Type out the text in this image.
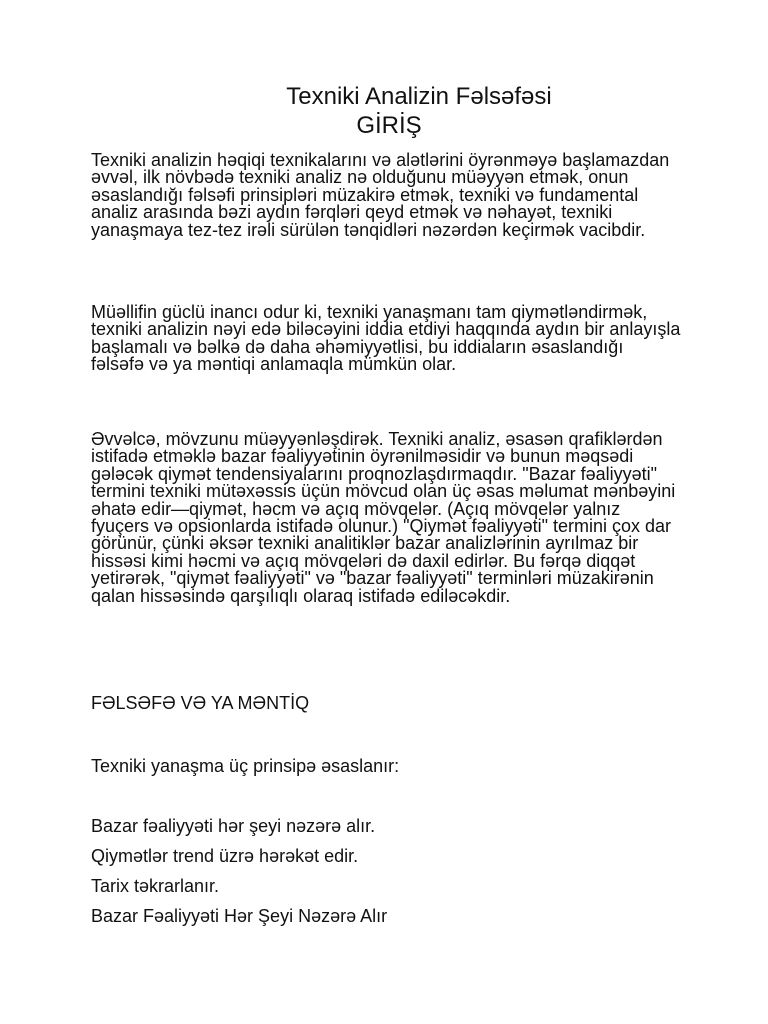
Texniki Analizin Fəlsəfəsi
GİRİŞ

Texniki analizin həqiqi texnikalarını və alətlərini öyrənməyə başlamazdan əvvəl, ilk növbədə texniki analiz nə olduğunu müəyyən etmək, onun əsaslandığı fəlsəfi prinsipləri müzakirə etmək, texniki və fundamental analiz arasında bəzi aydın fərqləri qeyd etmək və nəhayət, texniki yanaşmaya tez-tez irəli sürülən tənqidləri nəzərdən keçirmək vacibdir.

Müəllifin güclü inancı odur ki, texniki yanaşmanı tam qiymətləndirmək, texniki analizin nəyi edə biləcəyini iddia etdiyi haqqında aydın bir anlayışla başlamalı və bəlkə də daha əhəmiyyətlisi, bu iddiaların əsaslandığı fəlsəfə və ya məntiqi anlamaqla mümkün olar.

Əvvəlcə, mövzunu müəyyənləşdirək. Texniki analiz, əsasən qrafiklərdən istifadə etməklə bazar fəaliyyətinin öyrənilməsidir və bunun məqsədi gələcək qiymət tendensiyalarını proqnozlaşdırmaqdır. "Bazar fəaliyyəti" termini texniki mütəxəssis üçün mövcud olan üç əsas məlumat mənbəyini əhatə edir—qiymət, həcm və açıq mövqelər. (Açıq mövqelər yalnız fyuçers və opsionlarda istifadə olunur.) "Qiymət fəaliyyəti" termini çox dar görünür, çünki əksər texniki analitiklər bazar analizlərinin ayrılmaz bir hissəsi kimi həcmi və açıq mövqeləri də daxil edirlər. Bu fərqə diqqət yetirərək, "qiymət fəaliyyəti" və "bazar fəaliyyəti" terminləri müzakirənin qalan hissəsində qarşılıqlı olaraq istifadə ediləcəkdir.

FƏLSƏFƏ VƏ YA MƏNTİQ

Texniki yanaşma üç prinsipə əsaslanır:

Bazar fəaliyyəti hər şeyi nəzərə alır.
Qiymətlər trend üzrə hərəkət edir.
Tarix təkrarlanır.
Bazar Fəaliyyəti Hər Şeyi Nəzərə Alır
